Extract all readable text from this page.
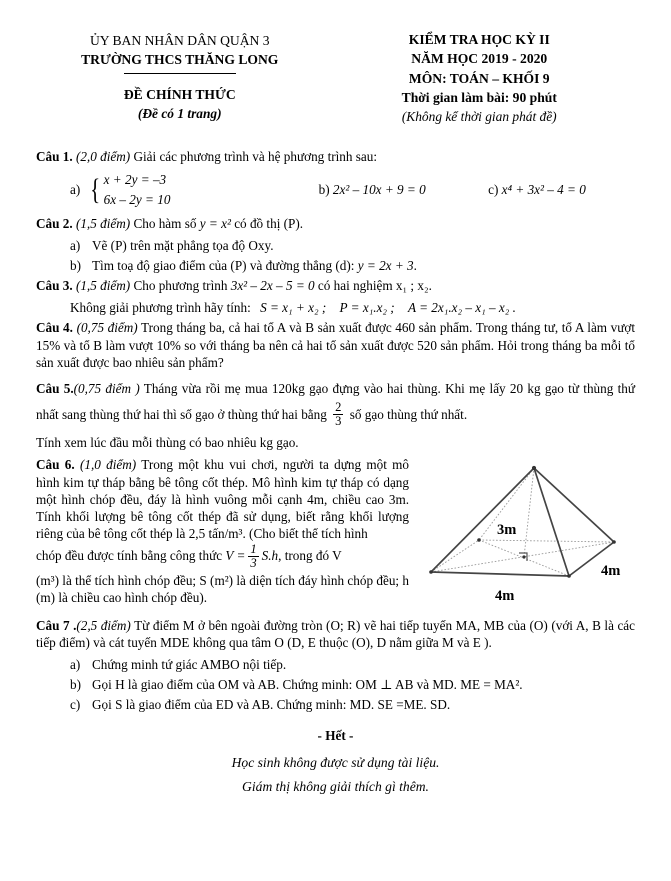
ỦY BAN NHÂN DÂN QUẬN 3
TRƯỜNG THCS THĂNG LONG
ĐỀ CHÍNH THỨC
(Đề có 1 trang)
KIỂM TRA HỌC KỲ II
NĂM HỌC 2019 - 2020
MÔN: TOÁN – KHỐI 9
Thời gian làm bài: 90 phút
(Không kể thời gian phát đề)
Câu 1. (2,0 điểm) Giải các phương trình và hệ phương trình sau:
a) { x + 2y = –3
6x – 2y = 10
b) 2x² – 10x + 9 = 0	c) x⁴ + 3x² – 4 = 0
Câu 2. (1,5 điểm) Cho hàm số y = x² có đồ thị (P).
a) Vẽ (P) trên mặt phẳng tọa độ Oxy.
b) Tìm toạ độ giao điểm của (P) và đường thẳng (d): y = 2x + 3.
Câu 3. (1,5 điểm) Cho phương trình 3x² – 2x – 5 = 0 có hai nghiệm x₁ ; x₂.
Không giải phương trình hãy tính: S = x₁ + x₂ ; P = x₁.x₂ ; A = 2x₁.x₂ – x₁ – x₂ .
Câu 4. (0,75 điểm) Trong tháng ba, cả hai tổ A và B sản xuất được 460 sản phẩm. Trong tháng tư, tổ A làm vượt 15% và tổ B làm vượt 10% so với tháng ba nên cả hai tổ sản xuất được 520 sản phẩm. Hỏi trong tháng ba mỗi tổ sản xuất được bao nhiêu sản phẩm?
Câu 5.(0,75 điểm ) Tháng vừa rồi mẹ mua 120kg gạo đựng vào hai thùng. Khi mẹ lấy 20 kg gạo từ thùng thứ nhất sang thùng thứ hai thì số gạo ở thùng thứ hai bằng $\frac{2}{3}$ số gạo thùng thứ nhất.
Tính xem lúc đầu mỗi thùng có bao nhiêu kg gạo.
3m
4m
4m

Câu 6. (1,0 điểm) Trong một khu vui chơi, người ta dựng một mô hình kim tự tháp bằng bê tông cốt thép. Mô hình kim tự tháp có dạng một hình chóp đều, đáy là hình vuông mỗi cạnh 4m, chiều cao 3m. Tính khối lượng bê tông cốt thép đã sử dụng, biết rằng khối lượng riêng của bê tông cốt thép là 2,5 tấn/m³. (Cho biết thể tích hình

chóp đều được tính bằng công thức $V = \frac{1}{3} S.h$, trong đó V

(m³) là thể tích hình chóp đều; S (m²) là diện tích đáy hình chóp đều; h (m) là chiều cao hình chóp đều).

Câu 7 .(2,5 điểm) Từ điểm M ở bên ngoài đường tròn (O; R) vẽ hai tiếp tuyến MA, MB của (O) (với A, B là các tiếp điểm) và cát tuyến MDE không qua tâm O (D, E thuộc (O), D nằm giữa M và E ).
a) Chứng minh tứ giác AMBO nội tiếp.
b) Gọi H là giao điểm của OM và AB. Chứng minh: OM ⊥ AB và MD. ME = MA².
c) Gọi S là giao điểm của ED và AB. Chứng minh: MD. SE =ME. SD.
- Hết -
Học sinh không được sử dụng tài liệu.
Giám thị không giải thích gì thêm.
